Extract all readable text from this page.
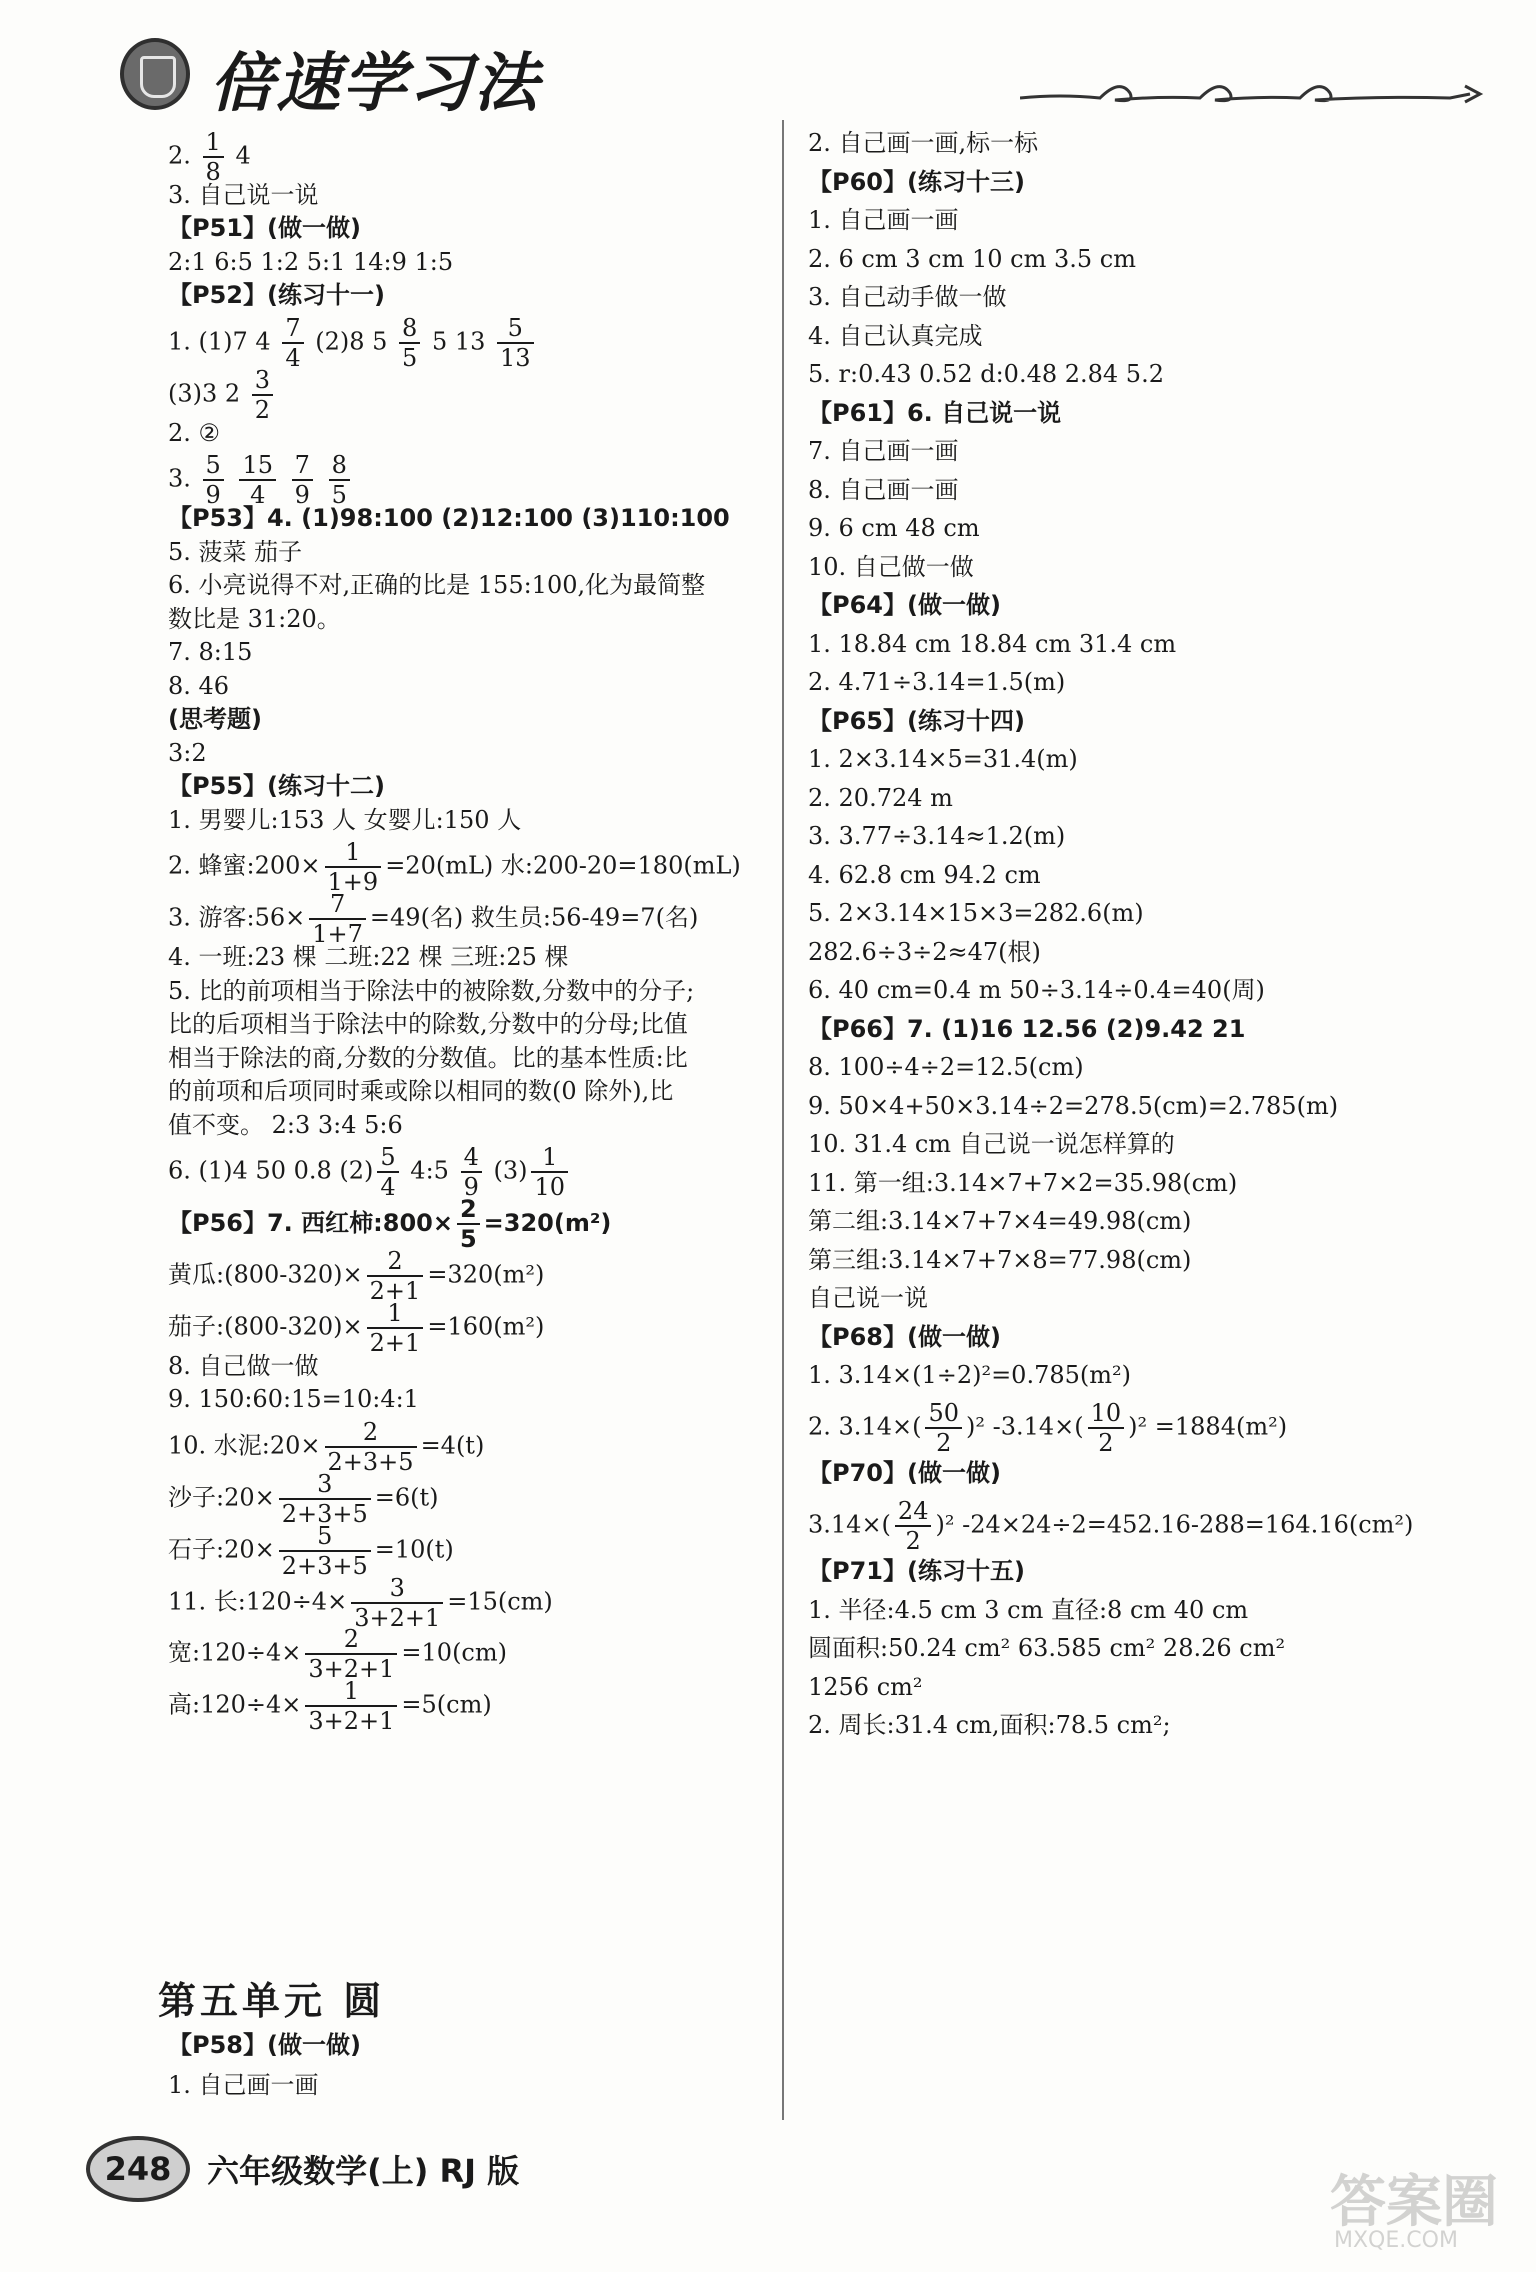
倍速学习法
2. $\frac{1}{8} 4$
3. 自己说一说
【P51】(做一做)
2:1 6:5 1:2 5:1 14:9 1:5
【P52】(练习十一)
1. (1)7 $4 \frac{7}{4} (2)8$ $5 \frac{8}{5} 5$ $13 \frac{5}{13}$
(3)3 $2 \frac{3}{2}$
2. ②
3. $\frac{5}{9}$
$\frac{15}{4}$
$\frac{7}{9}$
$\frac{8}{5}$
【P53】4. (1)98:100 (2)12:100 (3)110:100
5. 菠菜 茄子
6. 小亮说得不对,正确的比是 155:100,化为最简整
数比是 31:20。
7. 8:15
8. 46
(思考题)
3:2
【P55】(练习十二)
1. 男婴儿:153 人 女婴儿:150 人
2. 蜂蜜:200× $\frac{1}{1+9} =20(mL)$ 水:200-20=180(mL)
3. 游客:56× $\frac{7}{1+7} =49$(名) 救生员:56-49=7(名)
4. 一班:23 棵 二班:22 棵 三班:25 棵
5. 比的前项相当于除法中的被除数,分数中的分子;
比的后项相当于除法中的除数,分数中的分母;比值
相当于除法的商,分数的分数值。比的基本性质:比
的前项和后项同时乘或除以相同的数(0 除外),比
值不变。 2:3 3:4 5:6
6. (1)4 50 0.8 $(2) \frac{5}{4}$ 4:5 $\frac{4}{9} (3) \frac{1}{10}$
【P56】7. 西红柿:800× $\frac{2}{5} =320(m^2)$
黄瓜:(800-320)× $\frac{2}{2+1} =320(m^2)$
茄子:(800-320)× $\frac{1}{2+1} =160(m^2)$
8. 自己做一做
9. 150:60:15=10:4:1
10. 水泥:20× $\frac{2}{2+3+5} =4(t)$
沙子:20× $\frac{3}{2+3+5} =6(t)$
石子:20× $\frac{5}{2+3+5} =10(t)$
11. 长:120÷4× $\frac{3}{3+2+1} =15(cm)$
宽:120÷4× $\frac{2}{3+2+1} =10(cm)$
高:120÷4× $\frac{1}{3+2+1} =5(cm)$
第五单元 圆
【P58】(做一做)
1. 自己画一画
2. 自己画一画,标一标
【P60】(练习十三)
1. 自己画一画
2. 6 cm 3 cm 10 cm 3.5 cm
3. 自己动手做一做
4. 自己认真完成
5. r:0.43 0.52 d:0.48 2.84 5.2
【P61】6. 自己说一说
7. 自己画一画
8. 自己画一画
9. 6 cm 48 cm
10. 自己做一做
【P64】(做一做)
1. 18.84 cm 18.84 cm 31.4 cm
2. 4.71÷3.14=1.5(m)
【P65】(练习十四)
1. 2×3.14×5=31.4(m)
2. 20.724 m
3. 3.77÷3.14≈1.2(m)
4. 62.8 cm 94.2 cm
5. 2×3.14×15×3=282.6(m)
282.6÷3÷2≈47(根)
6. 40 cm=0.4 m 50÷3.14÷0.4=40(周)
【P66】7. (1)16 12.56 (2)9.42 21
8. 100÷4÷2=12.5(cm)
9. 50×4+50×3.14÷2=278.5(cm)=2.785(m)
10. 31.4 cm 自己说一说怎样算的
11. 第一组:3.14×7+7×2=35.98(cm)
第二组:3.14×7+7×4=49.98(cm)
第三组:3.14×7+7×8=77.98(cm)
自己说一说
【P68】(做一做)
1. 3.14×(1÷2)²=0.785(m²)
2. $3.14\times( \frac{50}{2} )^2$ $-3.14\times( \frac{10}{2} )^2 =1884(m^2)$
【P70】(做一做)
$3.14\times( \frac{24}{2} )^2$ -24×24÷2=452.16-288=164.16(cm²)
【P71】(练习十五)
1. 半径:4.5 cm 3 cm 直径:8 cm 40 cm
圆面积:50.24 cm² 63.585 cm² 28.26 cm²
1256 cm²
2. 周长:31.4 cm,面积:78.5 cm²;
248 六年级数学(上) RJ 版	答案圈
MXQE.COM
